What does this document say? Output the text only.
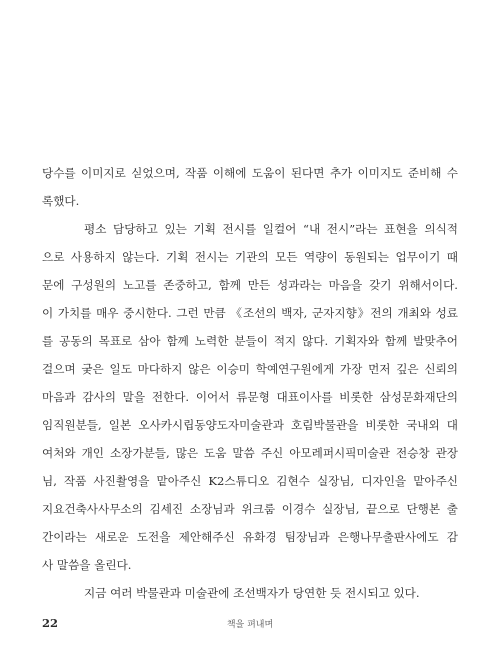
당수를 이미지로 싣었으며, 작품 이해에 도움이 된다면 추가 이미지도 준비해 수
록했다.
평소 담당하고 있는 기획 전시를 일컬어 “내 전시”라는 표현을 의식적
으로 사용하지 않는다. 기획 전시는 기관의 모든 역량이 동원되는 업무이기 때
문에 구성원의 노고를 존중하고, 함께 만든 성과라는 마음을 갖기 위해서이다.
이 가치를 매우 중시한다. 그런 만큼 《조선의 백자, 군자지향》전의 개최와 성료
를 공동의 목표로 삼아 함께 노력한 분들이 적지 않다. 기획자와 함께 발맞추어
걸으며 궂은 일도 마다하지 않은 이승미 학예연구원에게 가장 먼저 깊은 신뢰의
마음과 감사의 말을 전한다. 이어서 류문형 대표이사를 비롯한 삼성문화재단의
임직원분들, 일본 오사카시립동양도자미술관과 호림박물관을 비롯한 국내외 대
여처와 개인 소장가분들, 많은 도움 말씀 주신 아모레퍼시픽미술관 전승창 관장
님, 작품 사진촬영을 맡아주신 K2스튜디오 김현수 실장님, 디자인을 맡아주신
지요건축사사무소의 김세진 소장님과 위크룸 이경수 실장님, 끝으로 단행본 출
간이라는 새로운 도전을 제안해주신 유화경 팀장님과 은행나무출판사에도 감
사 말씀을 올린다.
지금 여러 박물관과 미술관에 조선백자가 당연한 듯 전시되고 있다.
22	책을 펴내며
